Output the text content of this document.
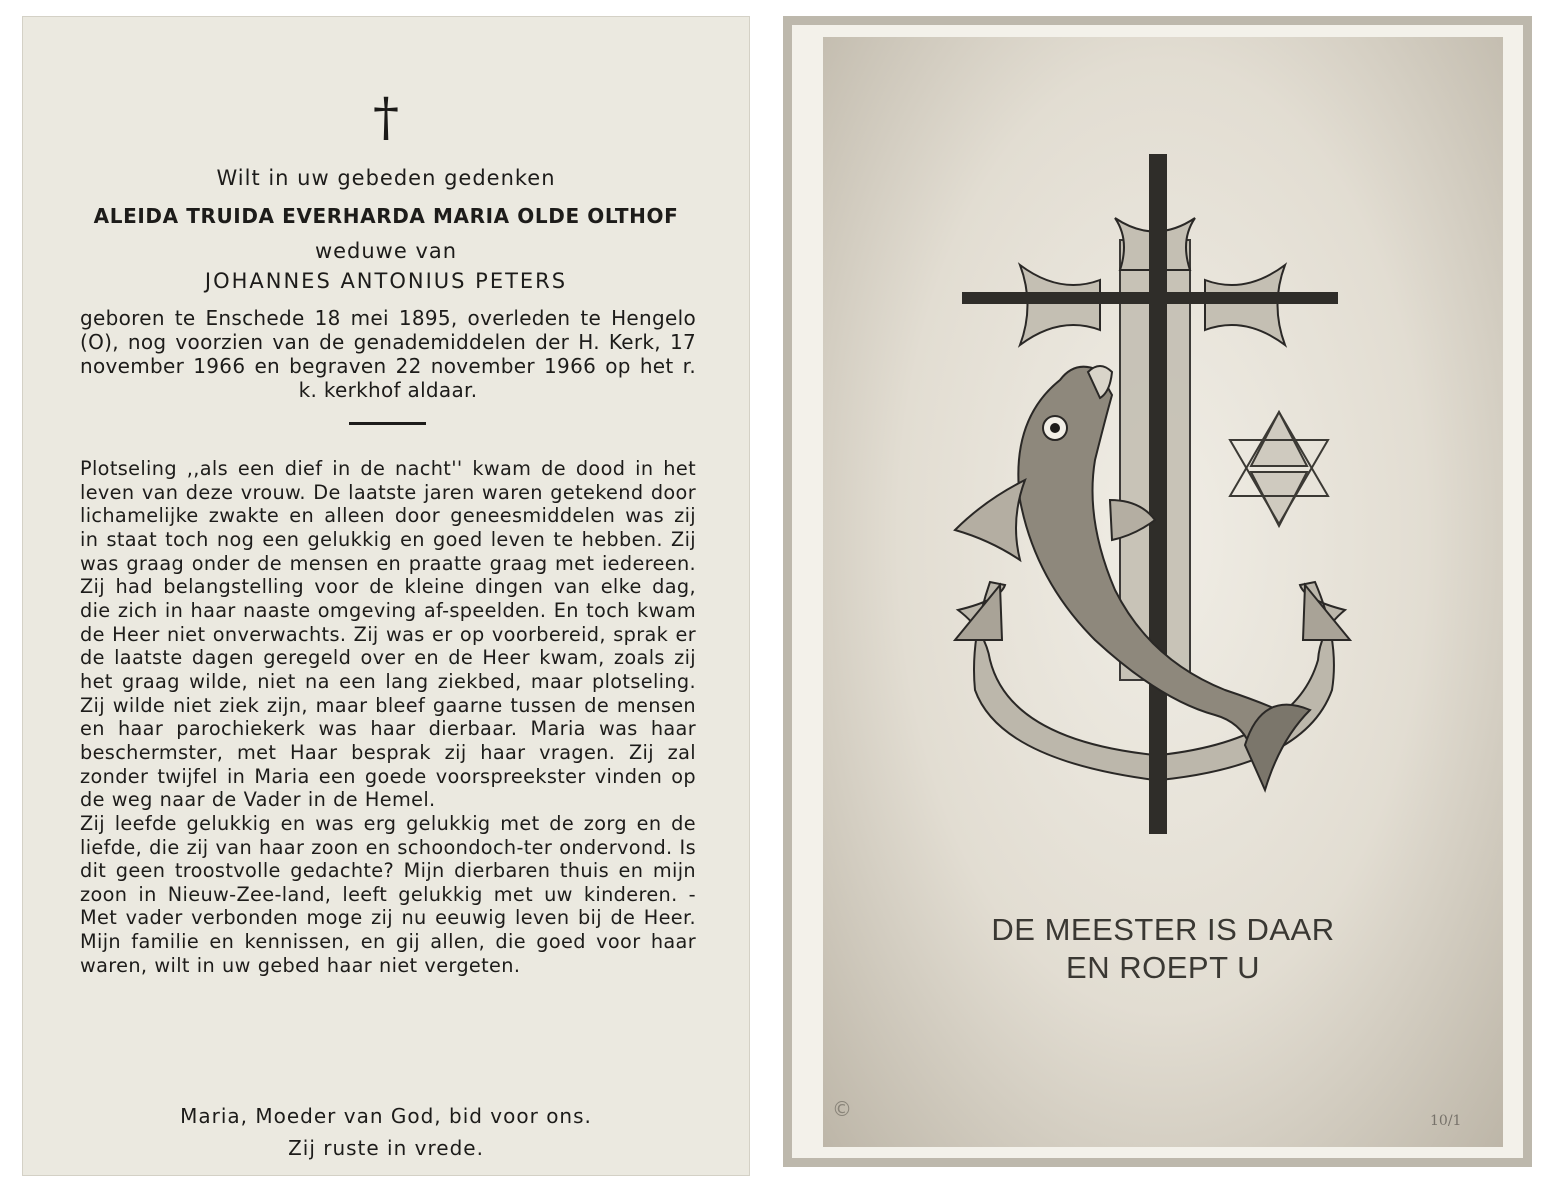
†
Wilt in uw gebeden gedenken
ALEIDA TRUIDA EVERHARDA MARIA OLDE OLTHOF
weduwe van
JOHANNES ANTONIUS PETERS

geboren te Enschede 18 mei 1895, overleden te Hengelo (O), nog voorzien van de genademiddelen der H. Kerk, 17 november 1966 en begraven 22 november 1966 op het r. k. kerkhof aldaar.

Plotseling ,,als een dief in de nacht'' kwam de dood in het leven van deze vrouw. De laatste jaren waren getekend door lichamelijke zwakte en alleen door geneesmiddelen was zij in staat toch nog een gelukkig en goed leven te hebben. Zij was graag onder de mensen en praatte graag met iedereen. Zij had belangstelling voor de kleine dingen van elke dag, die zich in haar naaste omgeving af-speelden. En toch kwam de Heer niet onverwachts. Zij was er op voorbereid, sprak er de laatste dagen geregeld over en de Heer kwam, zoals zij het graag wilde, niet na een lang ziekbed, maar plotseling. Zij wilde niet ziek zijn, maar bleef gaarne tussen de mensen en haar parochiekerk was haar dierbaar. Maria was haar beschermster, met Haar besprak zij haar vragen. Zij zal zonder twijfel in Maria een goede voorspreekster vinden op de weg naar de Vader in de Hemel.

Zij leefde gelukkig en was erg gelukkig met de zorg en de liefde, die zij van haar zoon en schoondoch-ter ondervond. Is dit geen troostvolle gedachte? Mijn dierbaren thuis en mijn zoon in Nieuw-Zee-land, leeft gelukkig met uw kinderen. - Met vader verbonden moge zij nu eeuwig leven bij de Heer. Mijn familie en kennissen, en gij allen, die goed voor haar waren, wilt in uw gebed haar niet vergeten.

Maria, Moeder van God, bid voor ons.
Zij ruste in vrede.
DE MEESTER IS DAAR
EN ROEPT U
©	10/1
